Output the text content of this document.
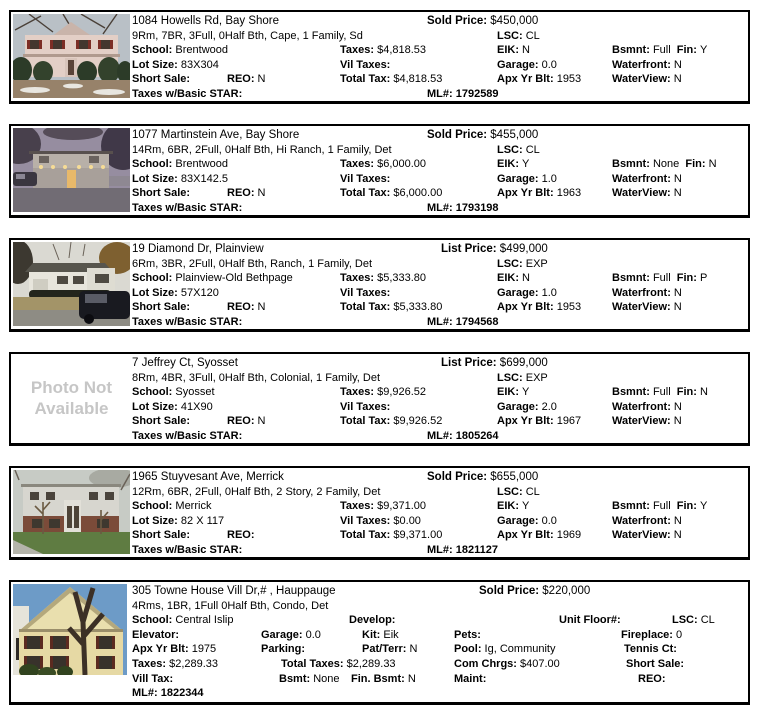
1084 Howells Rd, Bay Shore	Sold Price: $450,000
9Rm, 7BR, 3Full, 0Half Bth, Cape, 1 Family, Sd	LSC: CL
School: Brentwood	Taxes: $4,818.53	EIK: N	Bsmnt: Full  Fin: Y
Lot Size: 83X304	Vil Taxes:	Garage: 0.0	Waterfront: N
Short Sale:	REO: N	Total Tax: $4,818.53	Apx Yr Blt: 1953	WaterView: N
Taxes w/Basic STAR:	ML#: 1792589
1077 Martinstein Ave, Bay Shore	Sold Price: $455,000
14Rm, 6BR, 2Full, 0Half Bth, Hi Ranch, 1 Family, Det	LSC: CL
School: Brentwood	Taxes: $6,000.00	EIK: Y	Bsmnt: None  Fin: N
Lot Size: 83X142.5	Vil Taxes:	Garage: 1.0	Waterfront: N
Short Sale:	REO: N	Total Tax: $6,000.00	Apx Yr Blt: 1963	WaterView: N
Taxes w/Basic STAR:	ML#: 1793198
19 Diamond Dr, Plainview	List Price: $499,000
6Rm, 3BR, 2Full, 0Half Bth, Ranch, 1 Family, Det	LSC: EXP
School: Plainview-Old Bethpage	Taxes: $5,333.80	EIK: N	Bsmnt: Full  Fin: P
Lot Size: 57X120	Vil Taxes:	Garage: 1.0	Waterfront: N
Short Sale:	REO: N	Total Tax: $5,333.80	Apx Yr Blt: 1953	WaterView: N
Taxes w/Basic STAR:	ML#: 1794568
Photo Not Available
7 Jeffrey Ct, Syosset	List Price: $699,000
8Rm, 4BR, 3Full, 0Half Bth, Colonial, 1 Family, Det	LSC: EXP
School: Syosset	Taxes: $9,926.52	EIK: Y	Bsmnt: Full  Fin: N
Lot Size: 41X90	Vil Taxes:	Garage: 2.0	Waterfront: N
Short Sale:	REO: N	Total Tax: $9,926.52	Apx Yr Blt: 1967	WaterView: N
Taxes w/Basic STAR:	ML#: 1805264
1965 Stuyvesant Ave, Merrick	Sold Price: $655,000
12Rm, 6BR, 2Full, 0Half Bth, 2 Story, 2 Family, Det	LSC: CL
School: Merrick	Taxes: $9,371.00	EIK: Y	Bsmnt: Full  Fin: Y
Lot Size: 82 X 117	Vil Taxes: $0.00	Garage: 0.0	Waterfront: N
Short Sale:	REO:	Total Tax: $9,371.00	Apx Yr Blt: 1969	WaterView: N
Taxes w/Basic STAR:	ML#: 1821127
305 Towne House Vill Dr,# , Hauppauge	Sold Price: $220,000
4Rms, 1BR, 1Full 0Half Bth, Condo, Det
School: Central Islip	Develop:	Unit Floor#:	LSC: CL
Elevator:	Garage: 0.0	Kit: Eik	Pets:	Fireplace: 0
Apx Yr Blt: 1975	Parking:	Pat/Terr: N	Pool: Ig, Community	Tennis Ct:
Taxes: $2,289.33	Total Taxes: $2,289.33	Com Chrgs: $407.00	Short Sale:
Vill Tax:	Bsmt: None Fin. Bsmt: N	Maint:	REO:
ML#: 1822344
